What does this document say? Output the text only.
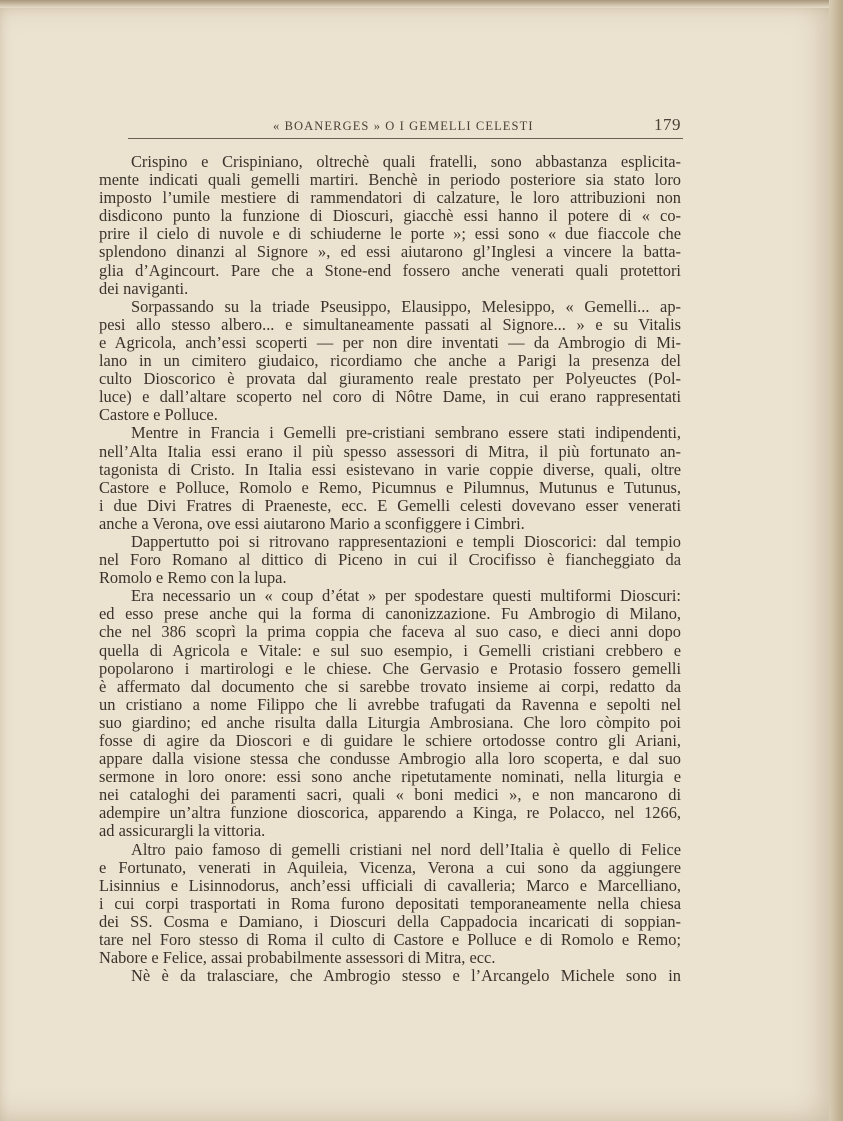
« BOANERGES » O I GEMELLI CELESTI	179
Crispino e Crispiniano, oltrechè quali fratelli, sono abbastanza esplicita-
mente indicati quali gemelli martiri. Benchè in periodo posteriore sia stato loro
imposto l’umile mestiere di rammendatori di calzature, le loro attribuzioni non
disdicono punto la funzione di Dioscuri, giacchè essi hanno il potere di « co-
prire il cielo di nuvole e di schiuderne le porte »; essi sono « due fiaccole che
splendono dinanzi al Signore », ed essi aiutarono gl’Inglesi a vincere la batta-
glia d’Agincourt. Pare che a Stone-end fossero anche venerati quali protettori
dei naviganti.
Sorpassando su la triade Pseusippo, Elausippo, Melesippo, « Gemelli... ap-
pesi allo stesso albero... e simultaneamente passati al Signore... » e su Vitalis
e Agricola, anch’essi scoperti — per non dire inventati — da Ambrogio di Mi-
lano in un cimitero giudaico, ricordiamo che anche a Parigi la presenza del
culto Dioscorico è provata dal giuramento reale prestato per Polyeuctes (Pol-
luce) e dall’altare scoperto nel coro di Nôtre Dame, in cui erano rappresentati
Castore e Polluce.
Mentre in Francia i Gemelli pre-cristiani sembrano essere stati indipendenti,
nell’Alta Italia essi erano il più spesso assessori di Mitra, il più fortunato an-
tagonista di Cristo. In Italia essi esistevano in varie coppie diverse, quali, oltre
Castore e Polluce, Romolo e Remo, Picumnus e Pilumnus, Mutunus e Tutunus,
i due Divi Fratres di Praeneste, ecc. E Gemelli celesti dovevano esser venerati
anche a Verona, ove essi aiutarono Mario a sconfiggere i Cimbri.
Dappertutto poi si ritrovano rappresentazioni e templi Dioscorici: dal tempio
nel Foro Romano al dittico di Piceno in cui il Crocifisso è fiancheggiato da
Romolo e Remo con la lupa.
Era necessario un « coup d’état » per spodestare questi multiformi Dioscuri:
ed esso prese anche qui la forma di canonizzazione. Fu Ambrogio di Milano,
che nel 386 scoprì la prima coppia che faceva al suo caso, e dieci anni dopo
quella di Agricola e Vitale: e sul suo esempio, i Gemelli cristiani crebbero e
popolarono i martirologi e le chiese. Che Gervasio e Protasio fossero gemelli
è affermato dal documento che si sarebbe trovato insieme ai corpi, redatto da
un cristiano a nome Filippo che li avrebbe trafugati da Ravenna e sepolti nel
suo giardino; ed anche risulta dalla Liturgia Ambrosiana. Che loro còmpito poi
fosse di agire da Dioscori e di guidare le schiere ortodosse contro gli Ariani,
appare dalla visione stessa che condusse Ambrogio alla loro scoperta, e dal suo
sermone in loro onore: essi sono anche ripetutamente nominati, nella liturgia e
nei cataloghi dei paramenti sacri, quali « boni medici », e non mancarono di
adempire un’altra funzione dioscorica, apparendo a Kinga, re Polacco, nel 1266,
ad assicurargli la vittoria.
Altro paio famoso di gemelli cristiani nel nord dell’Italia è quello di Felice
e Fortunato, venerati in Aquileia, Vicenza, Verona a cui sono da aggiungere
Lisinnius e Lisinnodorus, anch’essi ufficiali di cavalleria; Marco e Marcelliano,
i cui corpi trasportati in Roma furono depositati temporaneamente nella chiesa
dei SS. Cosma e Damiano, i Dioscuri della Cappadocia incaricati di soppian-
tare nel Foro stesso di Roma il culto di Castore e Polluce e di Romolo e Remo;
Nabore e Felice, assai probabilmente assessori di Mitra, ecc.
Nè è da tralasciare, che Ambrogio stesso e l’Arcangelo Michele sono in
